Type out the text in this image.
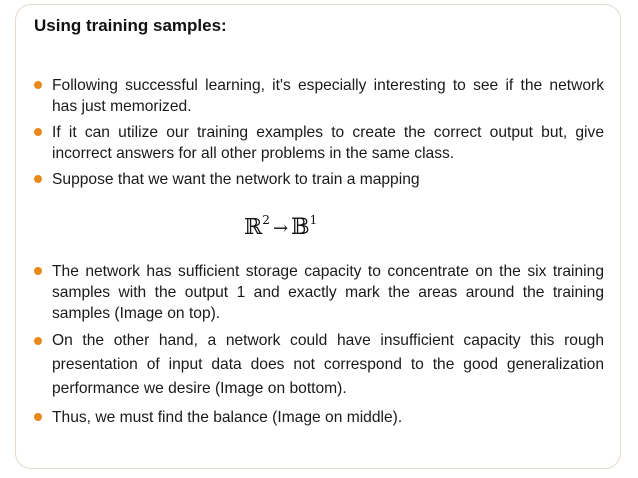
Using training samples:
Following successful learning, it's especially interesting to see if the network has just memorized.
If it can utilize our training examples to create the correct output but, give incorrect answers for all other problems in the same class.
Suppose that we want the network to train a mapping
ℝ$^2$ → 𝔹$^1$
The network has sufficient storage capacity to concentrate on the six training samples with the output 1 and exactly mark the areas around the training samples (Image on top).
On the other hand, a network could have insufficient capacity this rough presentation of input data does not correspond to the good generalization performance we desire (Image on bottom).
Thus, we must find the balance (Image on middle).
